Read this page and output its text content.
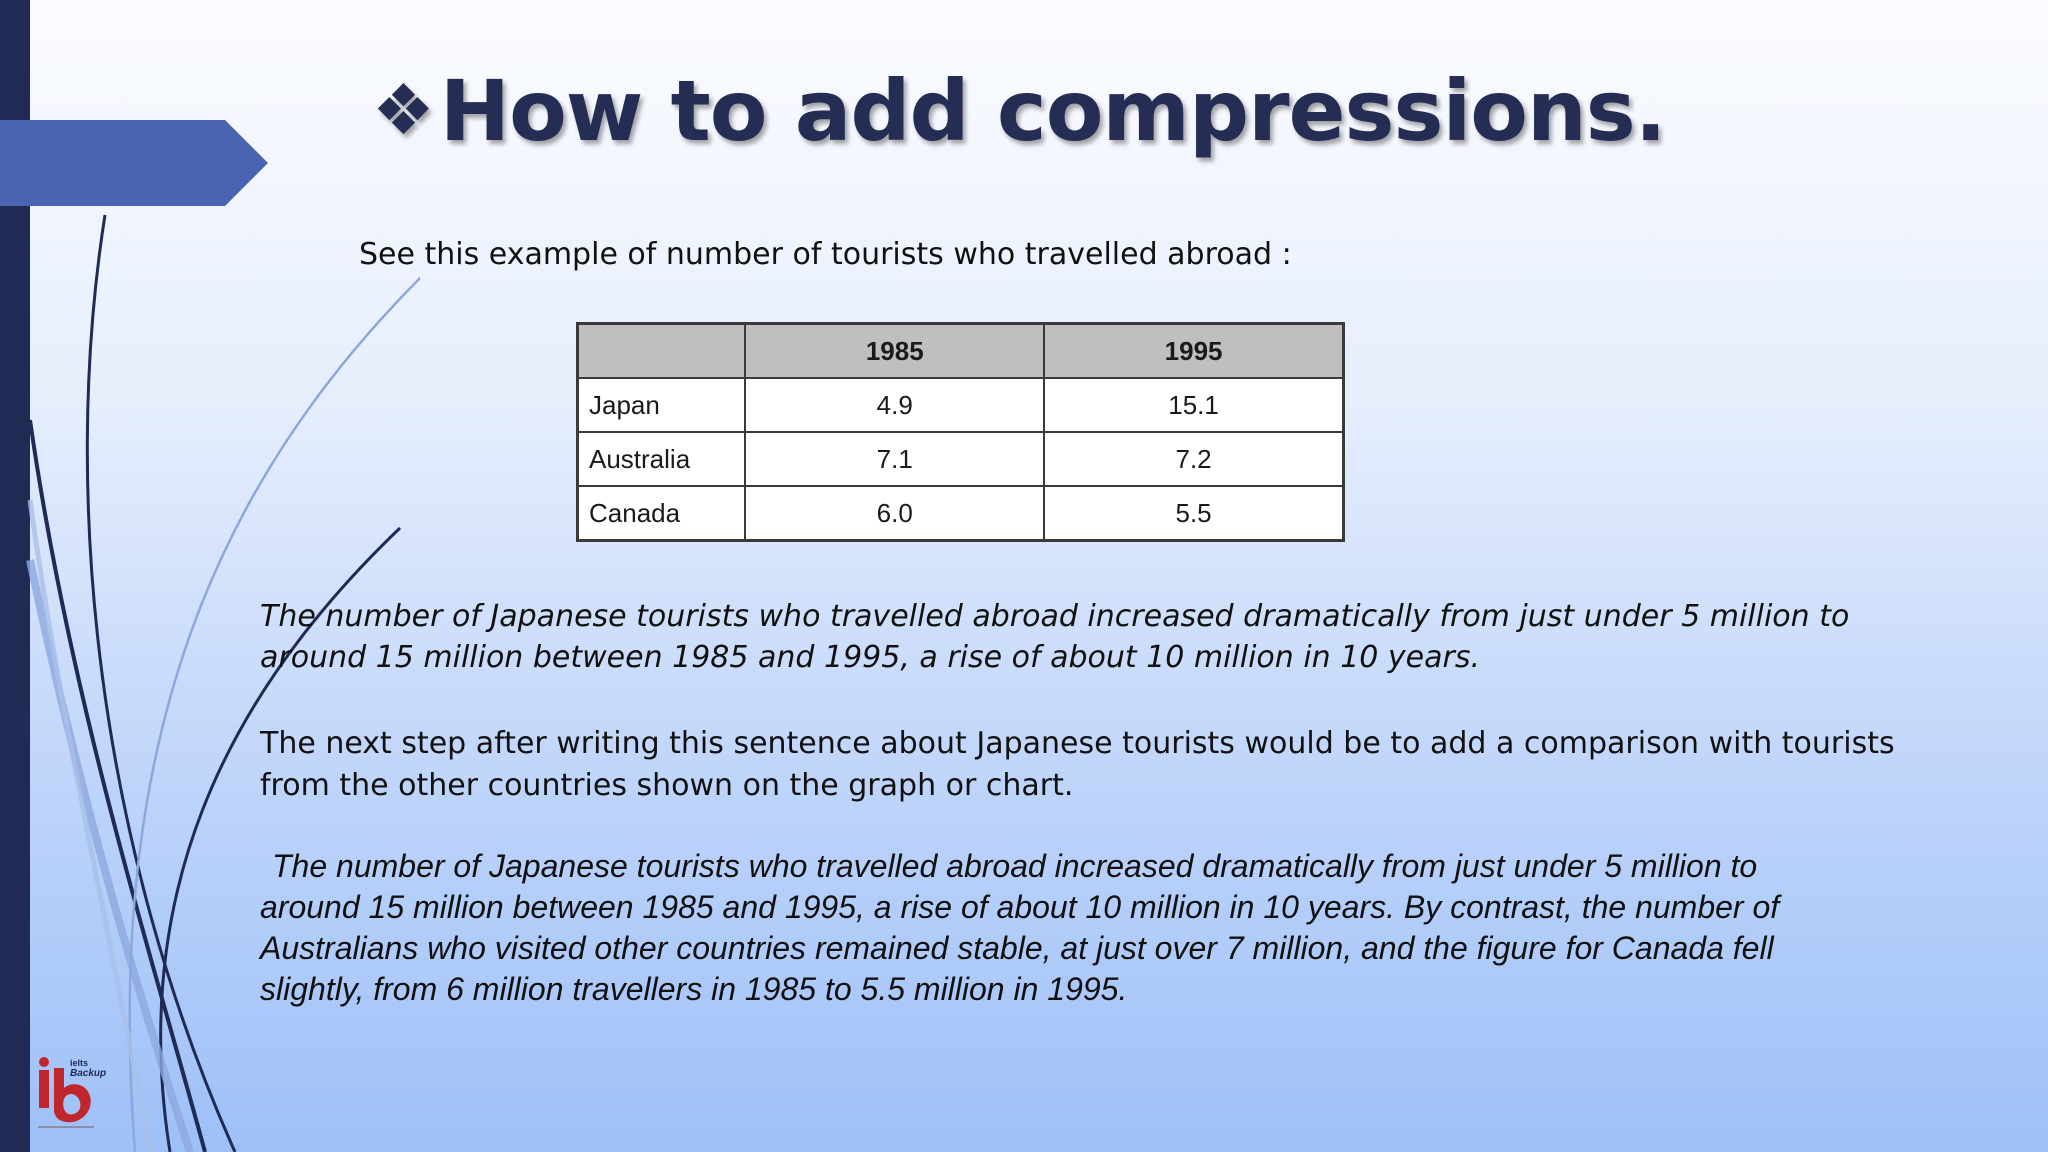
❖How to add compressions.
See this example of number of tourists who travelled abroad :
	1985	1995
Japan	4.9	15.1
Australia	7.1	7.2
Canada	6.0	5.5

The number of Japanese tourists who travelled abroad increased dramatically from just under 5 million to around 15 million between 1985 and 1995, a rise of about 10 million in 10 years.

The next step after writing this sentence about Japanese tourists would be to add a comparison with tourists from the other countries shown on the graph or chart.

The number of Japanese tourists who travelled abroad increased dramatically from just under 5 million to around 15 million between 1985 and 1995, a rise of about 10 million in 10 years. By contrast, the number of Australians who visited other countries remained stable, at just over 7 million, and the figure for Canada fell slightly, from 6 million travellers in 1985 to 5.5 million in 1995.

ielts
Backup
